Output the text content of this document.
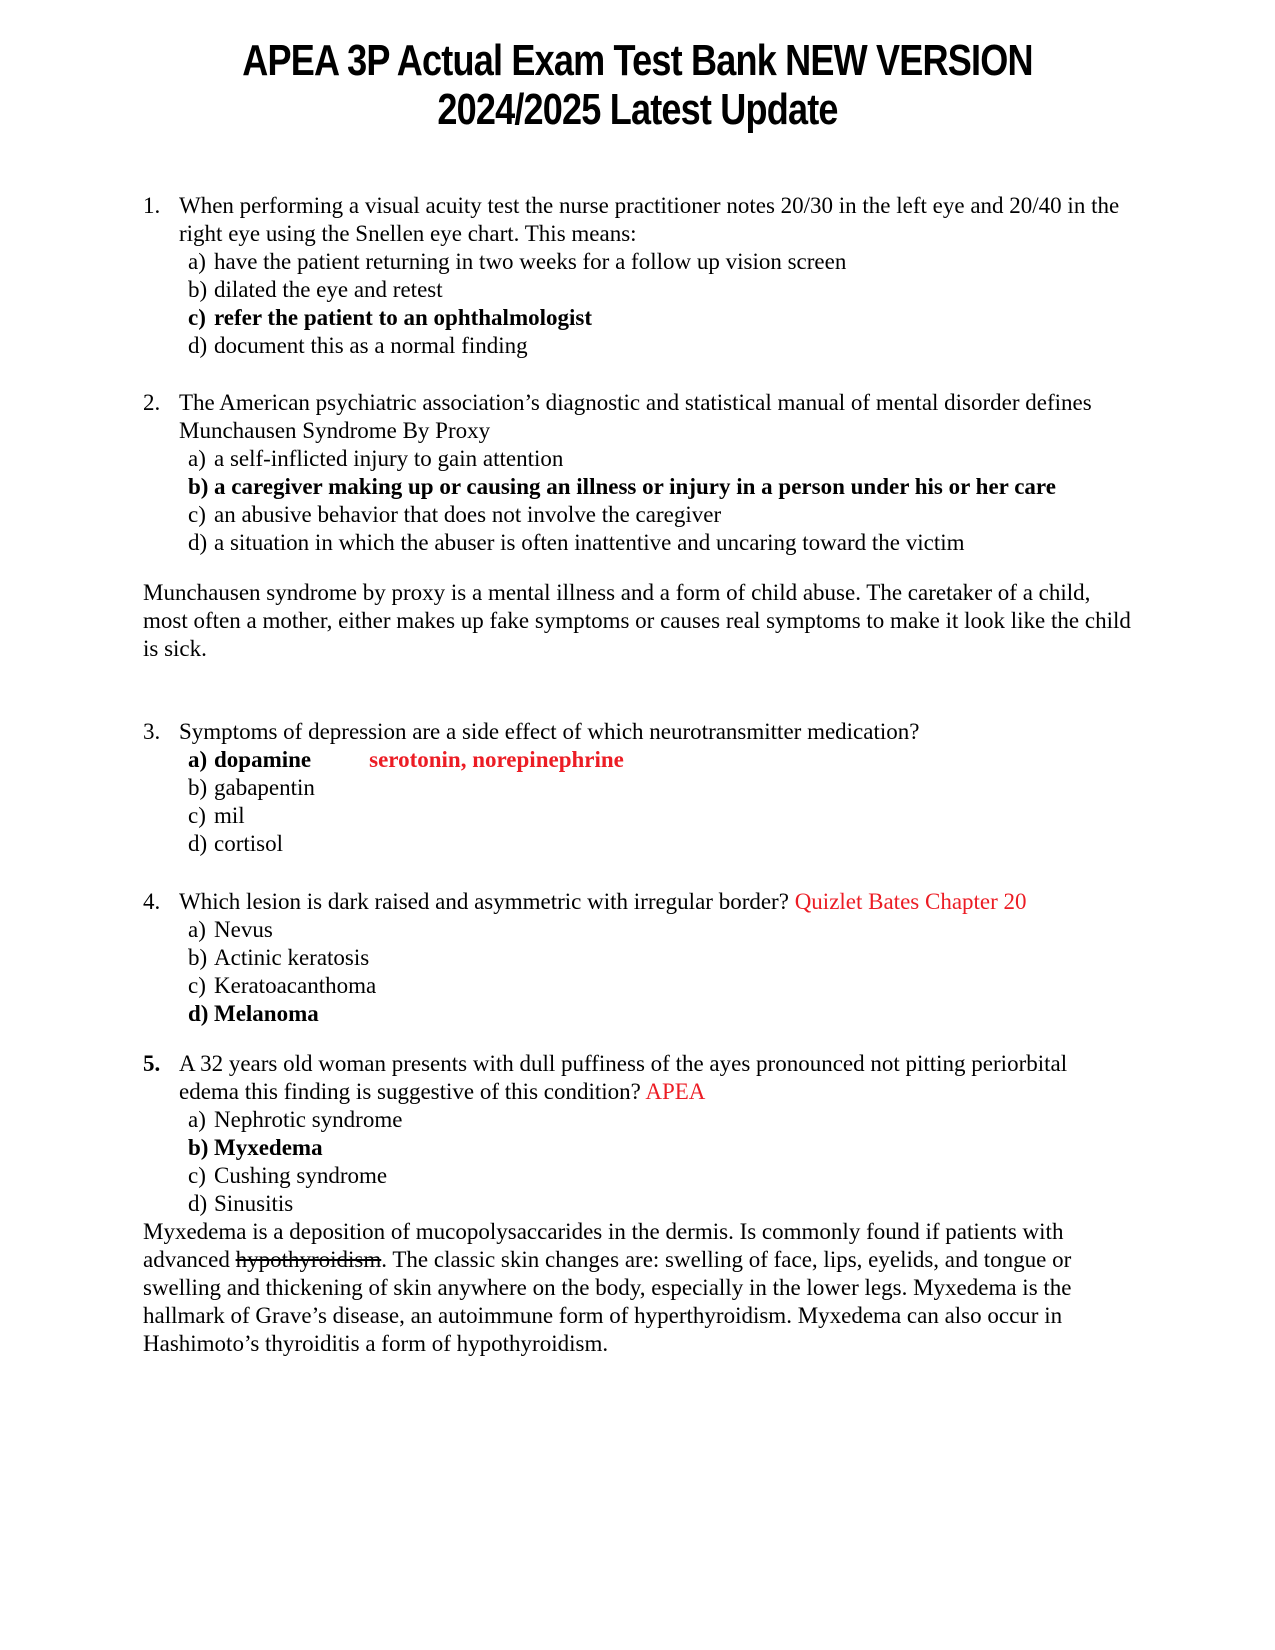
APEA 3P Actual Exam Test Bank NEW VERSION
2024/2025 Latest Update
1. When performing a visual acuity test the nurse practitioner notes 20/30 in the left eye and 20/40 in the right eye using the Snellen eye chart. This means:
a) have the patient returning in two weeks for a follow up vision screen
b) dilated the eye and retest
c) refer the patient to an ophthalmologist
d) document this as a normal finding
2. The American psychiatric association’s diagnostic and statistical manual of mental disorder defines Munchausen Syndrome By Proxy
a) a self-inflicted injury to gain attention
b) a caregiver making up or causing an illness or injury in a person under his or her care
c) an abusive behavior that does not involve the caregiver
d) a situation in which the abuser is often inattentive and uncaring toward the victim

Munchausen syndrome by proxy is a mental illness and a form of child abuse. The caretaker of a child, most often a mother, either makes up fake symptoms or causes real symptoms to make it look like the child is sick.

3. Symptoms of depression are a side effect of which neurotransmitter medication?
a) dopamine	serotonin, norepinephrine
b) gabapentin
c) mil
d) cortisol
4. Which lesion is dark raised and asymmetric with irregular border? Quizlet Bates Chapter 20
a) Nevus
b) Actinic keratosis
c) Keratoacanthoma
d) Melanoma
5. A 32 years old woman presents with dull puffiness of the ayes pronounced not pitting periorbital edema this finding is suggestive of this condition? APEA
a) Nephrotic syndrome
b) Myxedema
c) Cushing syndrome
d) Sinusitis

Myxedema is a deposition of mucopolysaccarides in the dermis. Is commonly found if patients with advanced hypothyroidism. The classic skin changes are: swelling of face, lips, eyelids, and tongue or swelling and thickening of skin anywhere on the body, especially in the lower legs. Myxedema is the hallmark of Grave’s disease, an autoimmune form of hyperthyroidism. Myxedema can also occur in Hashimoto’s thyroiditis a form of hypothyroidism.
